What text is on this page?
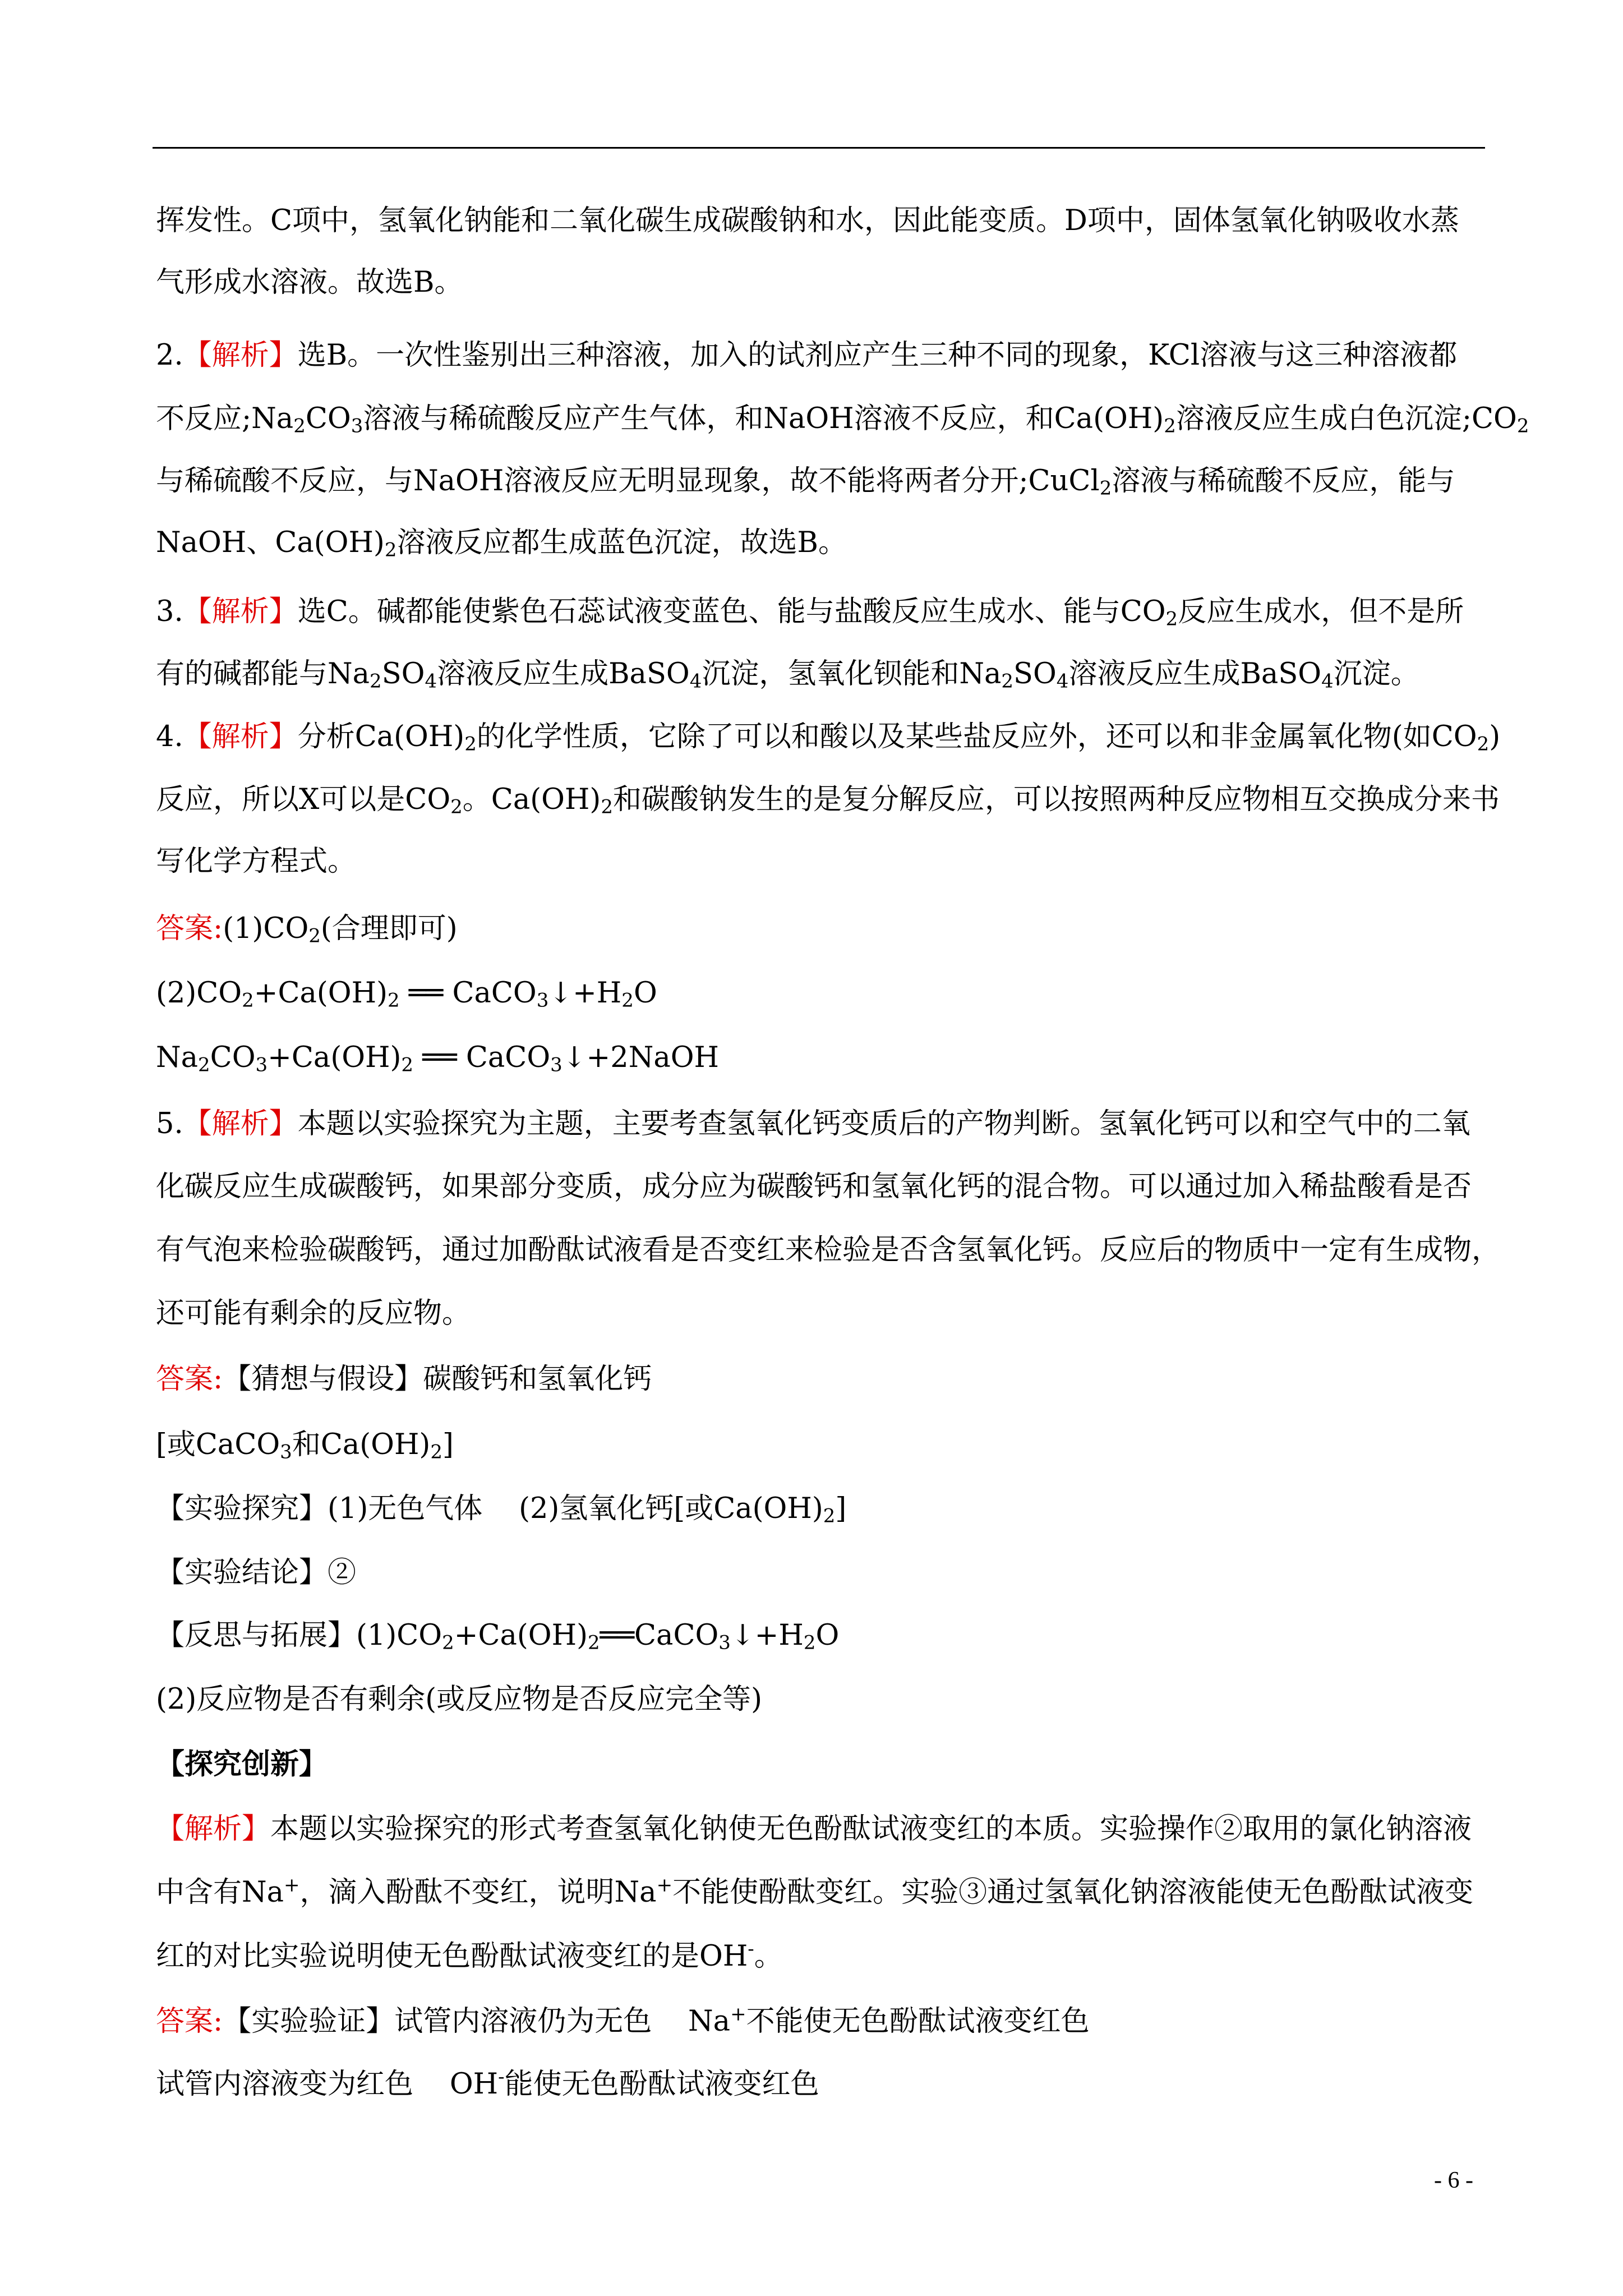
挥发性。C项中，氢氧化钠能和二氧化碳生成碳酸钠和水，因此能变质。D项中，固体氢氧化钠吸收水蒸
气形成水溶液。故选B。
2.【解析】选B。一次性鉴别出三种溶液，加入的试剂应产生三种不同的现象，KCl溶液与这三种溶液都
不反应$;Na_2CO_3$溶液与稀硫酸反应产生气体，和NaOH溶液不反应，和$Ca(OH)_2$溶液反应生成白色沉淀$;CO_2$
与稀硫酸不反应，与NaOH溶液反应无明显现象，故不能将两者分开;CuCl$_2$溶液与稀硫酸不反应，能与
NaOH、$Ca(OH)_2$溶液反应都生成蓝色沉淀，故选B。
3.【解析】选C。碱都能使紫色石蕊试液变蓝色、能与盐酸反应生成水、能与$CO_2$反应生成水，但不是所
有的碱都能与$Na_2SO_4$溶液反应生成BaSO$_4$沉淀，氢氧化钡能和$Na_2SO_4$溶液反应生成BaSO$_4$沉淀。
4.【解析】分析$Ca(OH)_2$的化学性质，它除了可以和酸以及某些盐反应外，还可以和非金属氧化物(如$CO_2$)
反应，所以X可以是$CO_2$。$Ca(OH)_2$和碳酸钠发生的是复分解反应，可以按照两种反应物相互交换成分来书
写化学方程式。
答案$:(1)CO_2$(合理即可)
$(2)CO_2+Ca(OH)_2$ ══ $CaCO_3↓+H_2O$
$Na_2CO_3+Ca(OH)_2$ ══ CaCO$_3$↓+2NaOH
5.【解析】本题以实验探究为主题，主要考查氢氧化钙变质后的产物判断。氢氧化钙可以和空气中的二氧
化碳反应生成碳酸钙，如果部分变质，成分应为碳酸钙和氢氧化钙的混合物。可以通过加入稀盐酸看是否
有气泡来检验碳酸钙，通过加酚酞试液看是否变红来检验是否含氢氧化钙。反应后的物质中一定有生成物，
还可能有剩余的反应物。
答案:【猜想与假设】碳酸钙和氢氧化钙
[或CaCO$_3$和$Ca(OH)_2$]
【实验探究】(1)无色气体    (2)氢氧化钙[或$Ca(OH)_2$]
【实验结论】②
【反思与拓展】$(1)CO_2+Ca(OH)_2══CaCO_3↓+H_2O$
(2)反应物是否有剩余(或反应物是否反应完全等)
【探究创新】
【解析】本题以实验探究的形式考查氢氧化钠使无色酚酞试液变红的本质。实验操作②取用的氯化钠溶液
中含有Na+，滴入酚酞不变红，说明Na+不能使酚酞变红。实验③通过氢氧化钠溶液能使无色酚酞试液变
红的对比实验说明使无色酚酞试液变红的是OH-。
答案:【实验验证】试管内溶液仍为无色    Na+不能使无色酚酞试液变红色
试管内溶液变为红色    OH-能使无色酚酞试液变红色
- 6 -
